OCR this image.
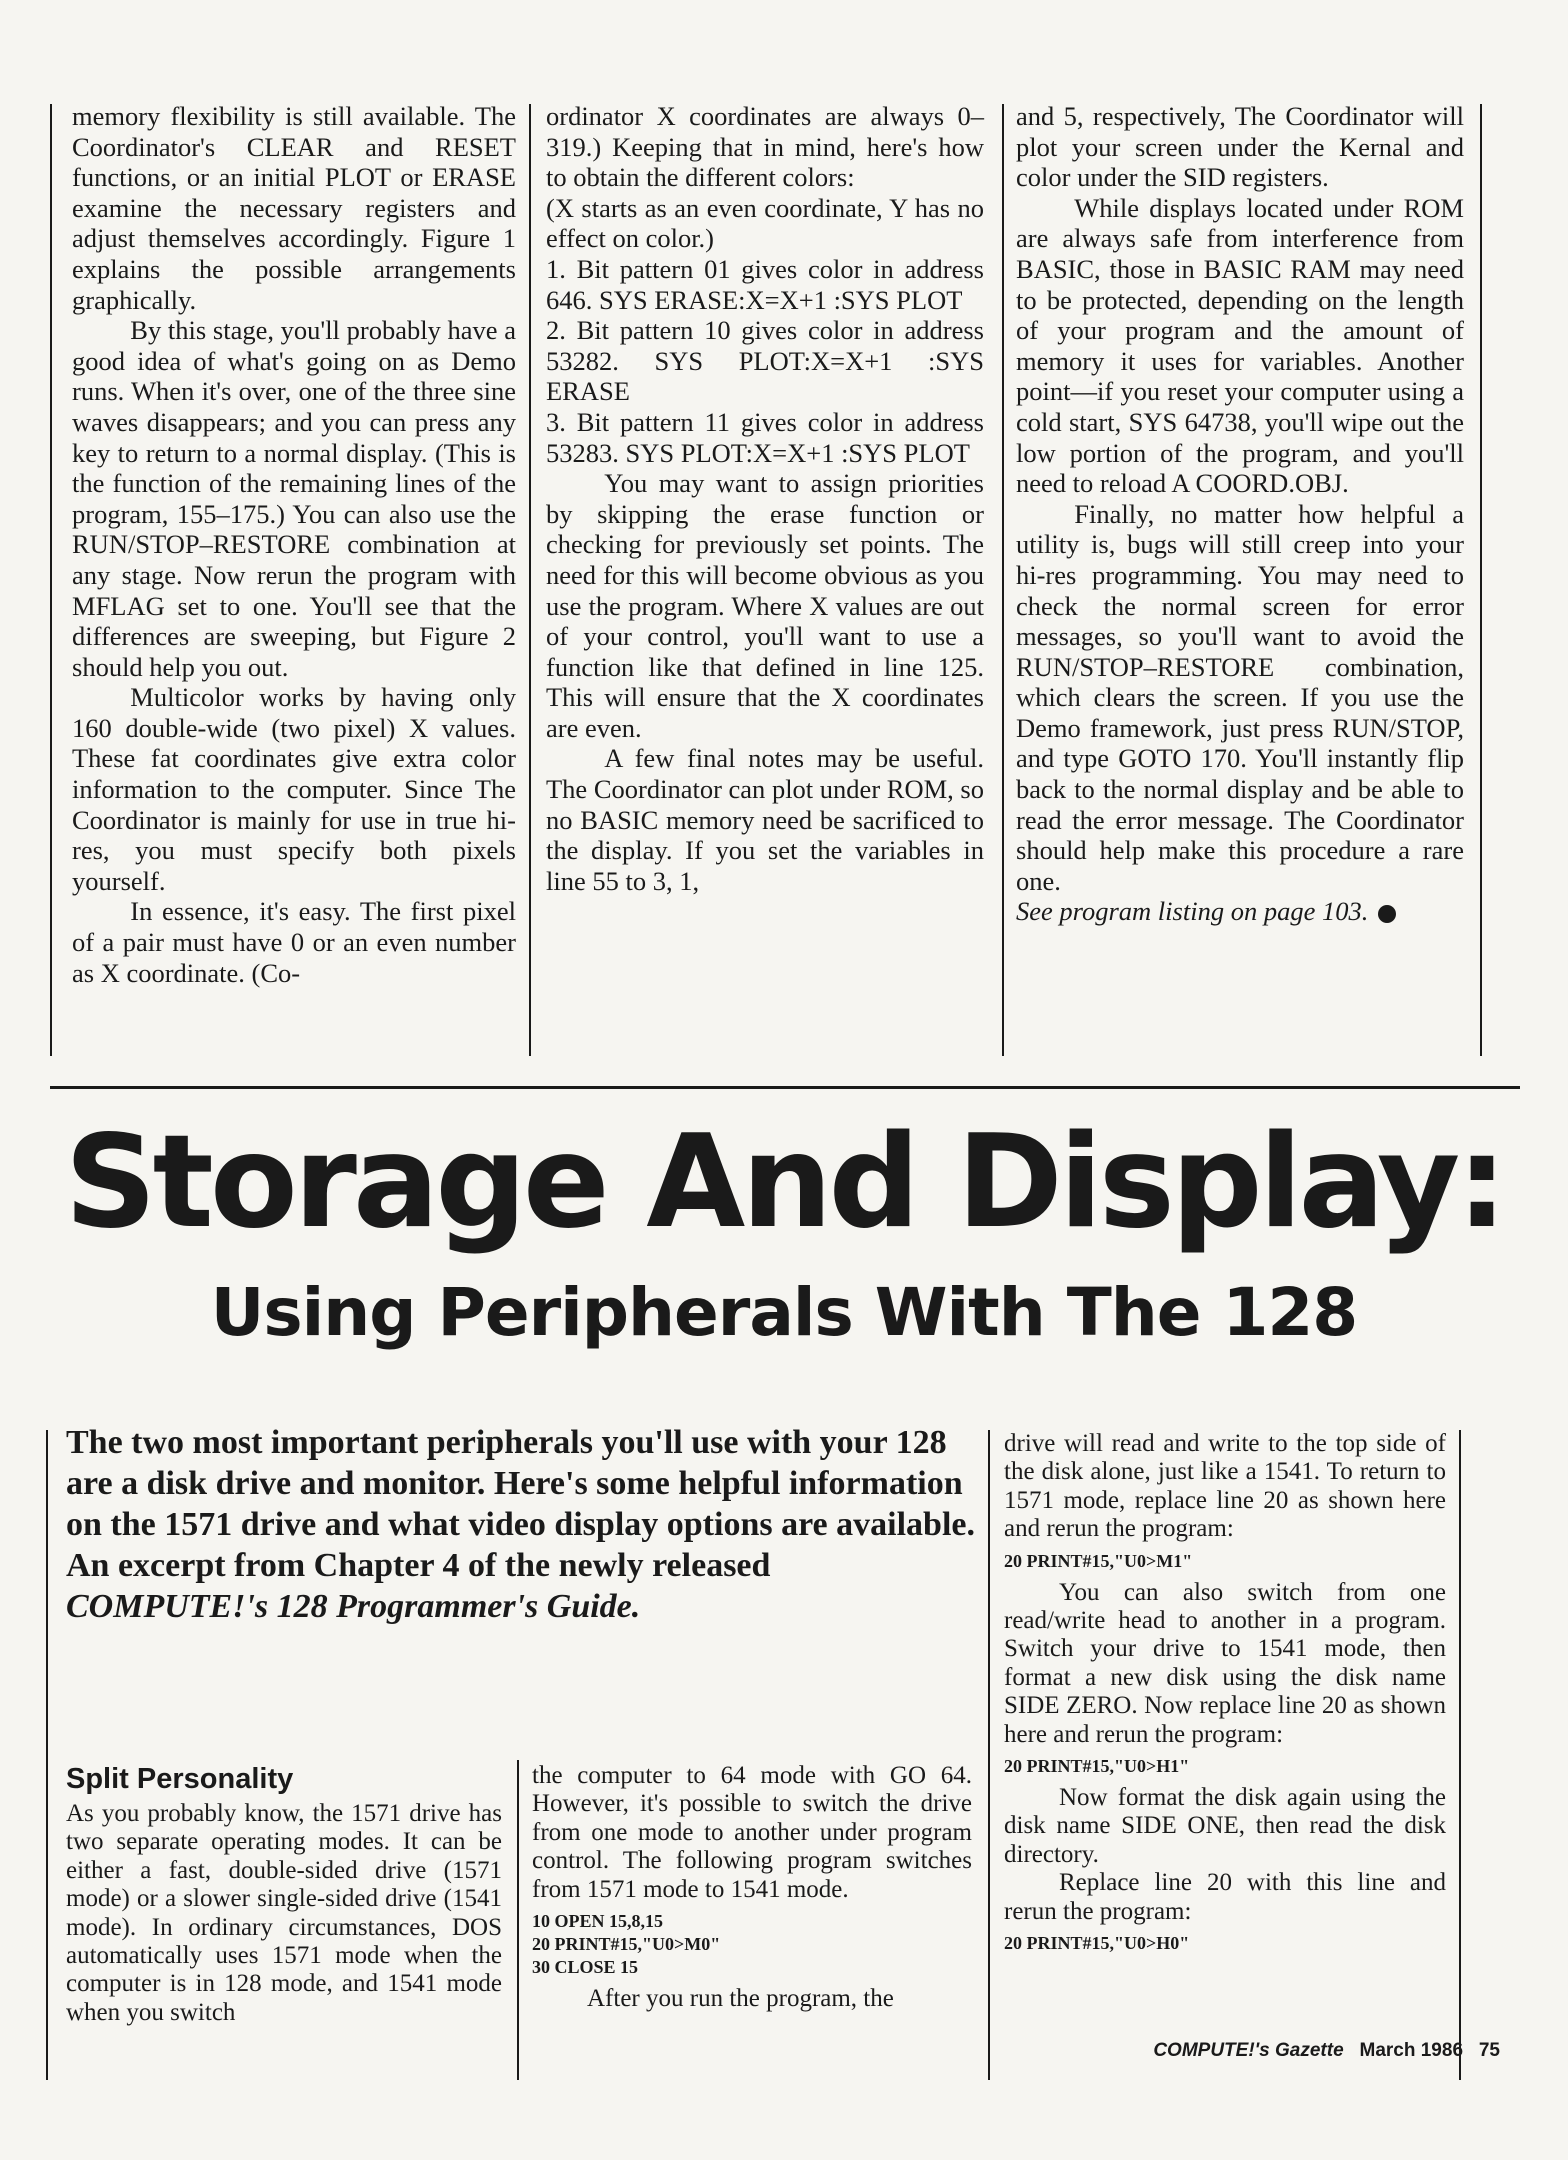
memory flexibility is still available. The Coordinator's CLEAR and RESET functions, or an initial PLOT or ERASE examine the necessary registers and adjust themselves accordingly. Figure 1 explains the possible arrangements graphically.

By this stage, you'll probably have a good idea of what's going on as Demo runs. When it's over, one of the three sine waves disappears; and you can press any key to return to a normal display. (This is the function of the remaining lines of the program, 155–175.) You can also use the RUN/STOP–RESTORE combination at any stage. Now rerun the program with MFLAG set to one. You'll see that the differences are sweeping, but Figure 2 should help you out.

Multicolor works by having only 160 double-wide (two pixel) X values. These fat coordinates give extra color information to the computer. Since The Coordinator is mainly for use in true hi-res, you must specify both pixels yourself.

In essence, it's easy. The first pixel of a pair must have 0 or an even number as X coordinate. (Co-

ordinator X coordinates are always 0–319.) Keeping that in mind, here's how to obtain the different colors:

(X starts as an even coordinate, Y has no effect on color.)

1. Bit pattern 01 gives color in address 646. SYS ERASE:X=X+1 :SYS PLOT

2. Bit pattern 10 gives color in address 53282. SYS PLOT:X=X+1 :SYS ERASE

3. Bit pattern 11 gives color in address 53283. SYS PLOT:X=X+1 :SYS PLOT

You may want to assign priorities by skipping the erase function or checking for previously set points. The need for this will become obvious as you use the program. Where X values are out of your control, you'll want to use a function like that defined in line 125. This will ensure that the X coordinates are even.

A few final notes may be useful. The Coordinator can plot under ROM, so no BASIC memory need be sacrificed to the display. If you set the variables in line 55 to 3, 1,

and 5, respectively, The Coordinator will plot your screen under the Kernal and color under the SID registers.

While displays located under ROM are always safe from interference from BASIC, those in BASIC RAM may need to be protected, depending on the length of your program and the amount of memory it uses for variables. Another point—if you reset your computer using a cold start, SYS 64738, you'll wipe out the low portion of the program, and you'll need to reload A COORD.OBJ.

Finally, no matter how helpful a utility is, bugs will still creep into your hi-res programming. You may need to check the normal screen for error messages, so you'll want to avoid the RUN/STOP–RESTORE combination, which clears the screen. If you use the Demo framework, just press RUN/STOP, and type GOTO 170. You'll instantly flip back to the normal display and be able to read the error message. The Coordinator should help make this procedure a rare one.

See program listing on page 103.

Storage And Display:
Using Peripherals With The 128

The two most important peripherals you'll use with your 128 are a disk drive and monitor. Here's some helpful information on the 1571 drive and what video display options are available. An excerpt from Chapter 4 of the newly released COMPUTE!'s 128 Programmer's Guide.

Split Personality

As you probably know, the 1571 drive has two separate operating modes. It can be either a fast, double-sided drive (1571 mode) or a slower single-sided drive (1541 mode). In ordinary circumstances, DOS automatically uses 1571 mode when the computer is in 128 mode, and 1541 mode when you switch

the computer to 64 mode with GO 64. However, it's possible to switch the drive from one mode to another under program control. The following program switches from 1571 mode to 1541 mode.

10 OPEN 15,8,15
20 PRINT#15,"U0>M0"
30 CLOSE 15

After you run the program, the

drive will read and write to the top side of the disk alone, just like a 1541. To return to 1571 mode, replace line 20 as shown here and rerun the program:

20 PRINT#15,"U0>M1"

You can also switch from one read/write head to another in a program. Switch your drive to 1541 mode, then format a new disk using the disk name SIDE ZERO. Now replace line 20 as shown here and rerun the program:

20 PRINT#15,"U0>H1"

Now format the disk again using the disk name SIDE ONE, then read the disk directory.

Replace line 20 with this line and rerun the program:

20 PRINT#15,"U0>H0"
COMPUTE!'s Gazette March 1986 75
